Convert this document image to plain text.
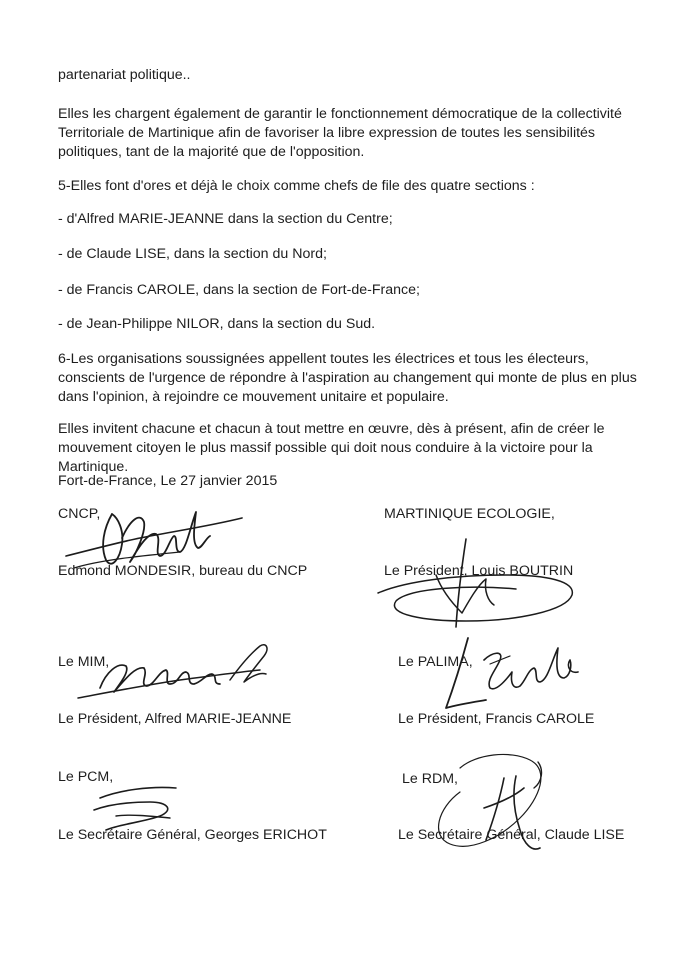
partenariat politique..

Elles les chargent également de garantir le fonctionnement démocratique de la collectivité Territoriale de Martinique afin de favoriser la libre expression de toutes les sensibilités politiques, tant de la majorité que de l'opposition.

5-Elles font d'ores et déjà le choix comme chefs de file des quatre sections :

- d'Alfred MARIE-JEANNE dans la section du Centre;

- de Claude LISE, dans la section du Nord;

- de Francis CAROLE, dans la section de Fort-de-France;

- de Jean-Philippe NILOR, dans la section du Sud.

6-Les organisations soussignées appellent toutes les électrices et tous les électeurs, conscients de l'urgence de répondre à l'aspiration au changement qui monte de plus en plus dans l'opinion, à rejoindre ce mouvement unitaire et populaire.

Elles invitent chacune et chacun à tout mettre en œuvre, dès à présent, afin de créer le mouvement citoyen le plus massif possible qui doit nous conduire à la victoire pour la Martinique.

Fort-de-France, Le 27 janvier 2015

CNCP,

Edmond MONDESIR, bureau du CNCP

MARTINIQUE ECOLOGIE,

Le Président, Louis BOUTRIN

Le MIM,

Le Président, Alfred MARIE-JEANNE

Le PALIMA,

Le Président, Francis CAROLE

Le PCM,

Le Secrétaire Général, Georges ERICHOT

Le RDM,

Le Secrétaire Général, Claude LISE
